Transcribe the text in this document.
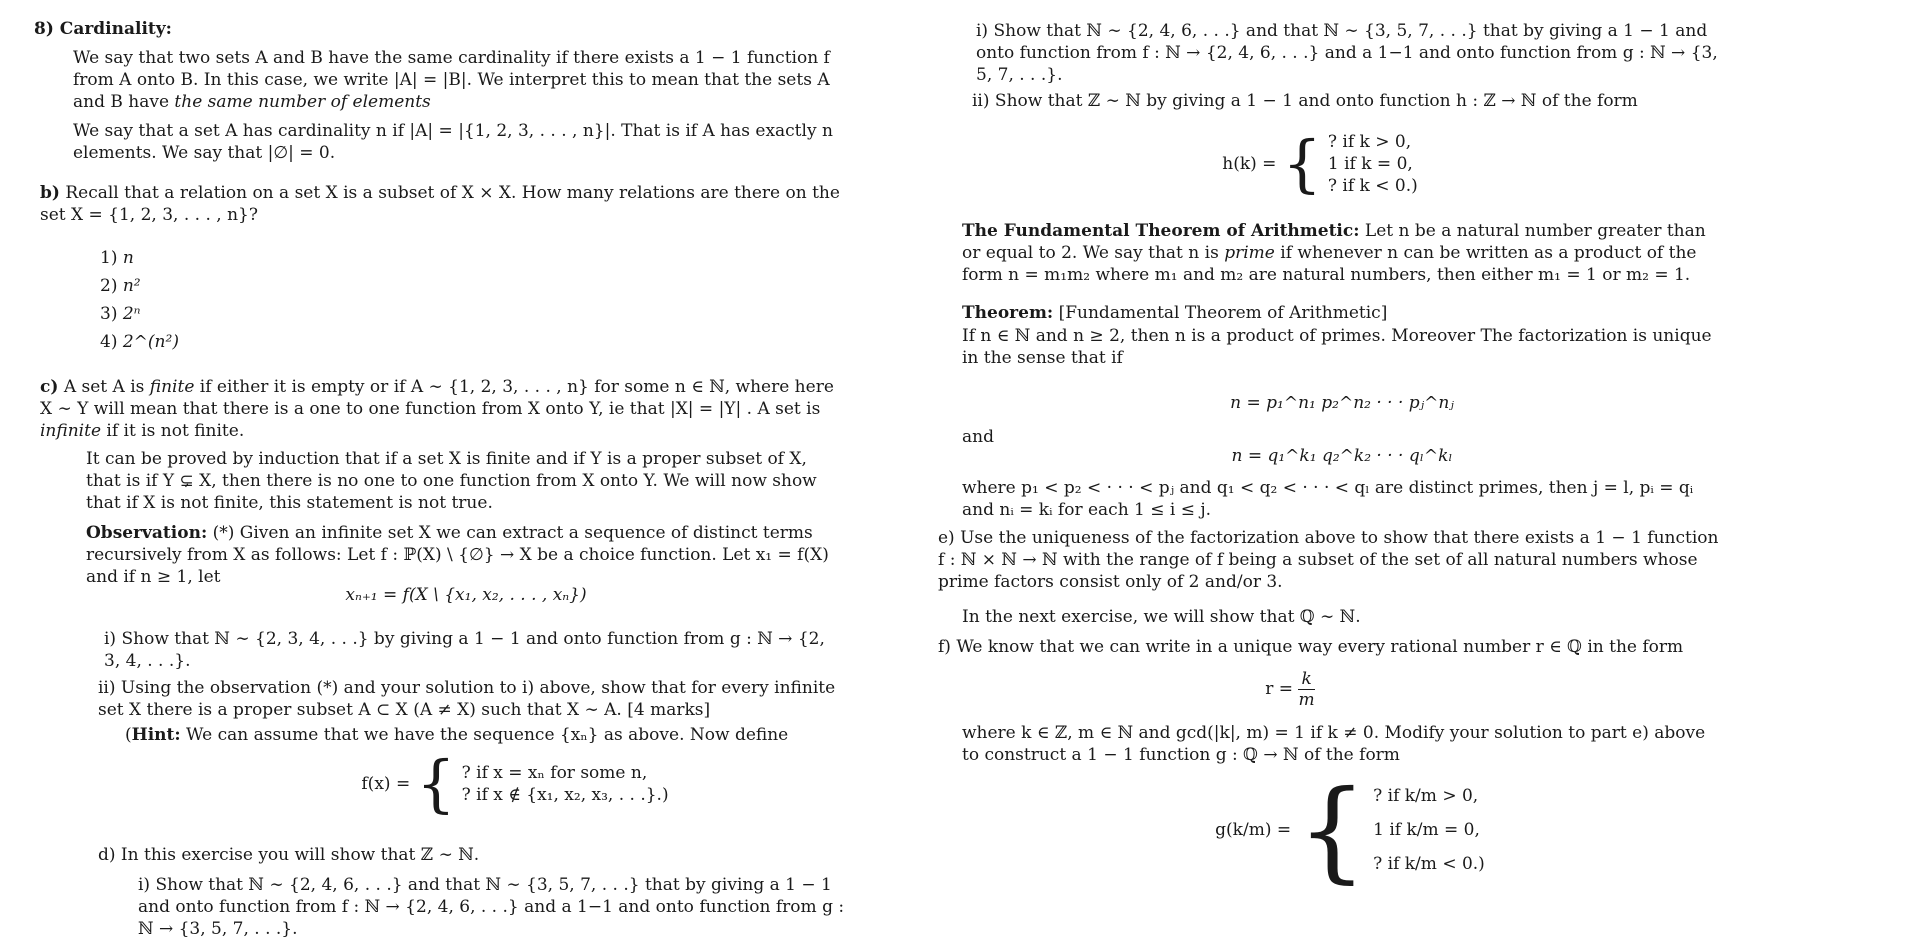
8) Cardinality:
We say that two sets A and B have the same cardinality if there exists a 1 − 1 function f from A onto B. In this case, we write |A| = |B|. We interpret this to mean that the sets A and B have the same number of elements
We say that a set A has cardinality n if |A| = |{1, 2, 3, . . . , n}|. That is if A has exactly n elements. We say that |∅| = 0.
b) Recall that a relation on a set X is a subset of X × X. How many relations are there on the set X = {1, 2, 3, . . . , n}?
1) n
2) n²
3) 2ⁿ
4) 2^(n²)
c) A set A is finite if either it is empty or if A ∼ {1, 2, 3, . . . , n} for some n ∈ ℕ, where here X ∼ Y will mean that there is a one to one function from X onto Y, ie that |X| = |Y| . A set is infinite if it is not finite.
It can be proved by induction that if a set X is finite and if Y is a proper subset of X, that is if Y ⊊ X, then there is no one to one function from X onto Y. We will now show that if X is not finite, this statement is not true.
Observation: (*) Given an infinite set X we can extract a sequence of distinct terms recursively from X as follows: Let f : ℙ(X) \ {∅} → X be a choice function. Let x₁ = f(X) and if n ≥ 1, let
xₙ₊₁ = f(X \ {x₁, x₂, . . . , xₙ})
i) Show that ℕ ∼ {2, 3, 4, . . .} by giving a 1 − 1 and onto function from g : ℕ → {2, 3, 4, . . .}.
ii) Using the observation (*) and your solution to i) above, show that for every infinite set X there is a proper subset A ⊂ X (A ≠ X) such that X ∼ A. [4 marks]
(Hint: We can assume that we have the sequence {xₙ} as above. Now define
f(x) = { ? if x = xₙ for some n,
? if x ∉ {x₁, x₂, x₃, . . .}.)
d) In this exercise you will show that ℤ ∼ ℕ.
i) Show that ℕ ∼ {2, 4, 6, . . .} and that ℕ ∼ {3, 5, 7, . . .} that by giving a 1 − 1 and onto function from f : ℕ → {2, 4, 6, . . .} and a 1−1 and onto function from g : ℕ → {3, 5, 7, . . .}.
i) Show that ℕ ∼ {2, 4, 6, . . .} and that ℕ ∼ {3, 5, 7, . . .} that by giving a 1 − 1 and onto function from f : ℕ → {2, 4, 6, . . .} and a 1−1 and onto function from g : ℕ → {3, 5, 7, . . .}.
ii) Show that ℤ ∼ ℕ by giving a 1 − 1 and onto function h : ℤ → ℕ of the form
h(k) = { ? if k > 0,
1 if k = 0,
? if k < 0.)
The Fundamental Theorem of Arithmetic: Let n be a natural number greater than or equal to 2. We say that n is prime if whenever n can be written as a product of the form n = m₁m₂ where m₁ and m₂ are natural numbers, then either m₁ = 1 or m₂ = 1.
Theorem: [Fundamental Theorem of Arithmetic]
If n ∈ ℕ and n ≥ 2, then n is a product of primes. Moreover The factorization is unique in the sense that if
n = p₁^n₁ p₂^n₂ · · · pⱼ^nⱼ
and
n = q₁^k₁ q₂^k₂ · · · qₗ^kₗ
where p₁ < p₂ < · · · < pⱼ and q₁ < q₂ < · · · < qₗ are distinct primes, then j = l, pᵢ = qᵢ and nᵢ = kᵢ for each 1 ≤ i ≤ j.
e) Use the uniqueness of the factorization above to show that there exists a 1 − 1 function f : ℕ × ℕ → ℕ with the range of f being a subset of the set of all natural numbers whose prime factors consist only of 2 and/or 3.
In the next exercise, we will show that ℚ ∼ ℕ.
f) We know that we can write in a unique way every rational number r ∈ ℚ in the form
r =
$\frac{k}{m}$
where k ∈ ℤ, m ∈ ℕ and gcd(|k|, m) = 1 if k ≠ 0. Modify your solution to part e) above to construct a 1 − 1 function g : ℚ → ℕ of the form
g(k/m) = { ? if k/m > 0,
1 if k/m = 0,
? if k/m < 0.)
